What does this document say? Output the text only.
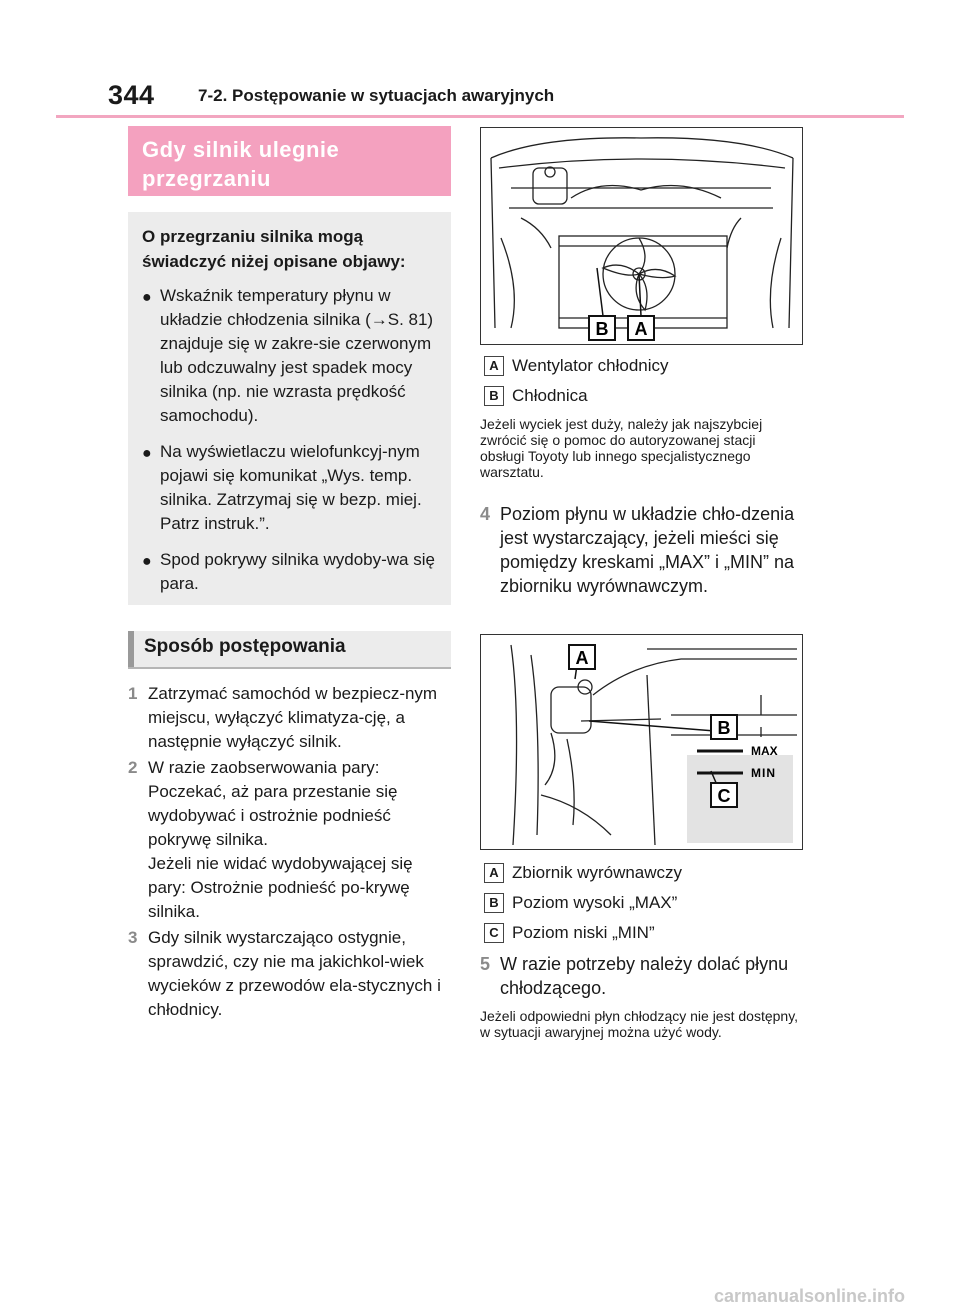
344	7-2. Postępowanie w sytuacjach awaryjnych
Gdy silnik ulegnie przegrzaniu
O przegrzaniu silnika mogą świadczyć niżej opisane objawy:
● Wskaźnik temperatury płynu w układzie chłodzenia silnika (→S. 81) znajduje się w zakre-sie czerwonym lub odczuwalny jest spadek mocy silnika (np. nie wzrasta prędkość samochodu).
● Na wyświetlaczu wielofunkcyj-nym pojawi się komunikat „Wys. temp. silnika. Zatrzymaj się w bezp. miej. Patrz instruk.”.
● Spod pokrywy silnika wydoby-wa się para.
Sposób postępowania
1 Zatrzymać samochód w bezpiecz-nym miejscu, wyłączyć klimatyza-cję, a następnie wyłączyć silnik.
2 W razie zaobserwowania pary: Poczekać, aż para przestanie się wydobywać i ostrożnie podnieść pokrywę silnika.
Jeżeli nie widać wydobywającej się pary: Ostrożnie podnieść po-krywę silnika.
3 Gdy silnik wystarczająco ostygnie, sprawdzić, czy nie ma jakichkol-wiek wycieków z przewodów ela-stycznych i chłodnicy.
B A
A Wentylator chłodnicy
B Chłodnica
Jeżeli wyciek jest duży, należy jak najszybciej zwrócić się o pomoc do autoryzowanej stacji obsługi Toyoty lub innego specjalistycznego warsztatu.
4 Poziom płynu w układzie chło-dzenia jest wystarczający, jeżeli mieści się pomiędzy kreskami „MAX” i „MIN” na zbiorniku wyrównawczym.
MAX
MIN
A
B
C
A Zbiornik wyrównawczy
B Poziom wysoki „MAX”
C Poziom niski „MIN”
5 W razie potrzeby należy dolać płynu chłodzącego.
Jeżeli odpowiedni płyn chłodzący nie jest dostępny, w sytuacji awaryjnej można użyć wody.
carmanualsonline.info
